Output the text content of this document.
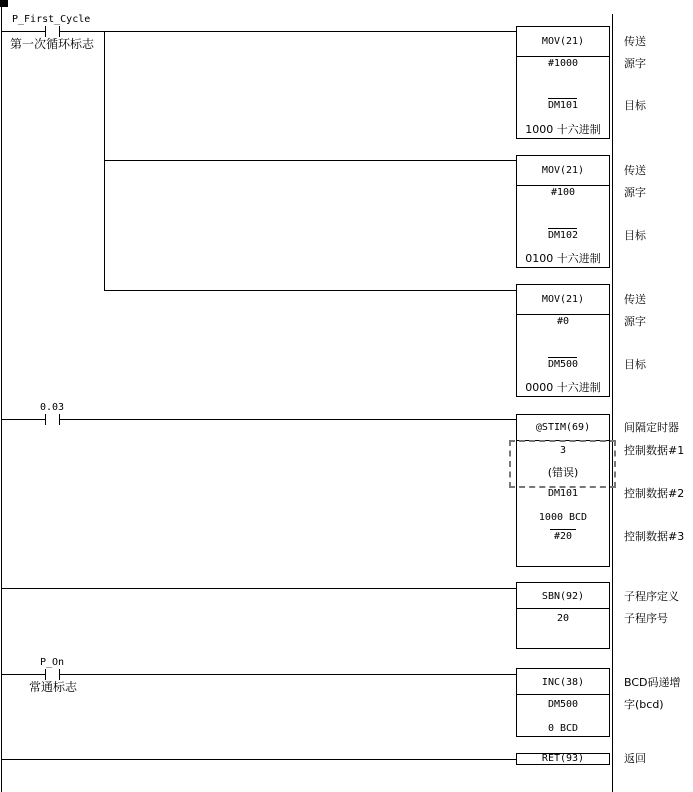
P_First_Cycle
第一次循环标志	MOV(21)
#1000
DM101
1000 十六进制
传送
源字
目标
MOV(21)
#100
DM102
0100 十六进制
传送
源字
目标
MOV(21)
#0
DM500
0000 十六进制
传送
源字
目标
0.03
@STIM(69)
3
(错误)
DM101
1000 BCD
#20
间隔定时器
控制数据#1
控制数据#2
控制数据#3
SBN(92)
20
子程序定义
子程序号
P_On
常通标志	INC(38)
DM500
0 BCD
BCD码递增
字(bcd)
RET(93)	返回
